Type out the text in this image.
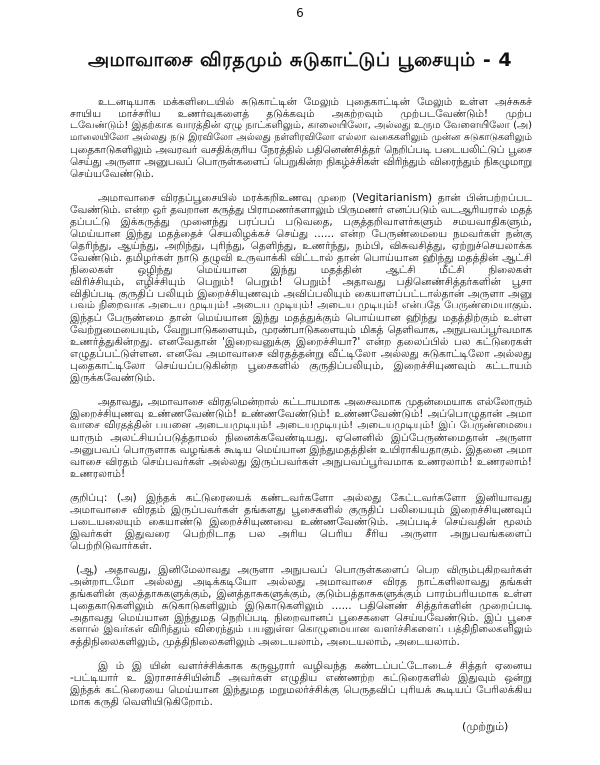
6
அமாவாசை விரதமும் சுடுகாட்டுப் பூசையும் - 4
உடனடியாக மக்களிடையில் சுடுகாட்டின் மேலும் புதைகாட்டின் மேலும் உள்ள அச்சுகச்
சாயிய மாச்சரிய உணர்வுகளைத் தடுக்கவும் அகற்றவும் முற்படவேண்டும்! முற்ப
டவேண்டும்! இதற்காக வாரத்தின் ஏழு நாட்களிலும், காலையிலோ, அல்லது உரும வேளையிலோ (அ)
மாலையிலோ அல்லது நடு இரவிலோ அல்லது நள்ளிரவிலோ எல்லா வகைகளிலும் முன்ன சுடுகாடுகளிலும்
புதைகாடுகளிலும் அவரவர் வசதிக்குரிய நேரத்தில் பதினெண்சித்தர் நெறிப்படி படையலிட்டுப் பூசை
செய்து அருளா அனுபவப் பொருள்களைப் பெறுகின்ற நிகழ்ச்சிகள் விரிந்தும் விரைந்தும் நிகழுமாறு
செய்யவேண்டும்.
அமாவாசை விரதப்பூசையில் மரக்கறிஉணவு முறை (Vegitarianism) தான் பின்பற்றப்பட
வேண்டும். என்ற ஒர் தவறான கருத்து பிராமணர்களாலும் பிருமணர் எனப்படும் வடஆரியரால் மதத்
தப்பட்டு இக்கருத்து முனைந்து பரப்பப் படுவதை, பகுத்தறிவாளர்களும் சமயவாதிகளும்,
மெய்யான இந்து மதத்தைச் செயலிழக்கச் செய்து ...... என்ற பேருண்மையை நமவர்கள் நன்கு
தெரிந்து, ஆய்ந்து, அறிந்து, புரிந்து, தெளிந்து, உணர்ந்து, நம்பி, விசுவசித்து, ஏற்றுச்செயலாக்க
வேண்டும். தமிழர்கள் நாடு தழுவி உருவாக்கி விட்டால் தான் பொய்யான ஹிந்து மதத்தின் ஆட்சி
நிலைகள் ஒழிந்து மெய்யான இந்து மதத்தின் ஆட்சி மீட்சி நிலைகள்
விரிச்சியும், எழிச்சியும் பெறும்! பெறும்! பெறும்! அதாவது பதினெண்சித்தர்களின் பூசா
விதிப்படி குருதிப் பலியும் இறைச்சியுணவும் அவிப்பலியும் கையாளப்பட்டால்தான் அருளா அனு
பவம் நிறைவாக அடைய முடியும்! அடைய முடியும்! அடைய முடியும்! என்பதே பேருண்மையாகும்.
இந்தப் பேருண்மை தான் மெய்யான இந்து மதத்துக்கும் பொய்யான ஹிந்து மதத்திற்கும் உள்ள
வேற்றுமையையும், வேறுபாடுகளையும், முரண்பாடுகளையும் மிகத் தெளிவாக, அநுபவப்பூர்வமாக
உணர்த்துகின்றது. எனவேதான் 'இறைவனுக்கு இறைச்சியா?' என்ற தலைப்பில் பல கட்டுரைகள்
எழுதப்பட்டுள்ளன. எனவே அமாவாசை விரதத்தன்று வீட்டிலோ அல்லது சுடுகாட்டிலோ அல்லது
புதைகாட்டிலோ செய்யப்படுகின்ற பூசைகளில் குருதிப்பலியும், இறைச்சியுணவும் கட்டாயம்
இருக்கவேண்டும்.
அதாவது, அமாவாசை விரதமென்றால் கட்டாயமாக அசைவமாக முதன்மையாக எல்லோரும்
இறைச்சியுணவு உண்ணவேண்டும்! உண்ணவேண்டும்! உண்ணவேண்டும்! அப்பொழுதான் அமா
வாசை விரதத்தின் பயனை அடையமுடியும்! அடையமுடியும்! அடையமுடியும்! இப் பேருண்மையை
யாரும் அலட்சியப்படுத்தாமல் நினைக்கவேண்டியது. ஏனெனில் இப்பேருண்மைதான் அருளா
அனுபவப் பொருளாக வழங்கக் கூடிய மெய்யான இந்துமதத்தின் உயிராகியதாகும். இதனை அமா
வாசை விரதம் செய்பவர்கள் அல்லது இருப்பவர்கள் அநுபவப்பூர்வமாக உணரலாம்! உணரலாம்!
உணரலாம்!
குறிப்பு: (அ) இந்தக் கட்டுரையைக் கண்டவர்களோ அல்லது கேட்டவர்களோ இனியாவது
அமாவாசை விரதம் இருப்பவர்கள் தங்களது பூசைகளில் குருதிப் பலியையும் இறைச்சியுணவுப்
படையலையும் கையாண்டு இறைச்சியுணவை உண்ணவேண்டும். அப்படிச் செய்வதின் மூலம்
இவர்கள் இதுவரை பெற்றிடாத பல அரிய பெரிய சீரிய அருளா அநுபவங்களைப்
பெற்றிடுவார்கள்.
(ஆ) அதாவது, இனிமேலாவது அருளா அநுபவப் பொருள்களைப் பெற விரும்புகிறவர்கள்
அன்றாடமோ அல்லது அடிக்கடியோ அல்லது அமாவாசை விரத நாட்களிலாவது தங்கள்
தங்களின் குலத்தாசுகளுக்கும், இனத்தாசுகளுக்கும், குடும்பத்தாசுகளுக்கும் பாரம்பரியமாக உள்ள
புதைகாடுகளிலும் சுடுகாடுகளிலும் இடுகாடுகளிலும் ...... பதினெண் சித்தர்களின் முறைப்படி
அதாவது மெய்யான இந்துமத நெறிப்படி நிறைவானப் பூசைகளை செய்யவேண்டும். இப் பூசை
களால் இவர்கள் விரிந்தும் விரைந்தும் பயனுள்ள கொழுமையான வளர்ச்சிகளைப் பத்திநிலைகளிலும்
சத்திநிலைகளிலும், முத்திநிலைகளிலும் அடையலாம், அடையலாம், அடையலாம்.
இ ம் இ யின் வளர்ச்சிக்காக கருவூரார் வழிவந்த கண்டப்பட்டோடைச் சித்தர் ஏனைய
-பட்டியார் உ இராசாச்சியின்மீ அவர்கள் எழுதிய எண்ணற்ற கட்டுரைகளில் இதுவும் ஒன்று
இந்தக் கட்டுரையை மெய்யான இந்துமத மறுமலர்ச்சிக்கு பெருதவிப் புரியக் கூடியப் பேரிலக்கிய
மாக கருதி வெளியிடுகிறோம்.
(முற்றும்)
